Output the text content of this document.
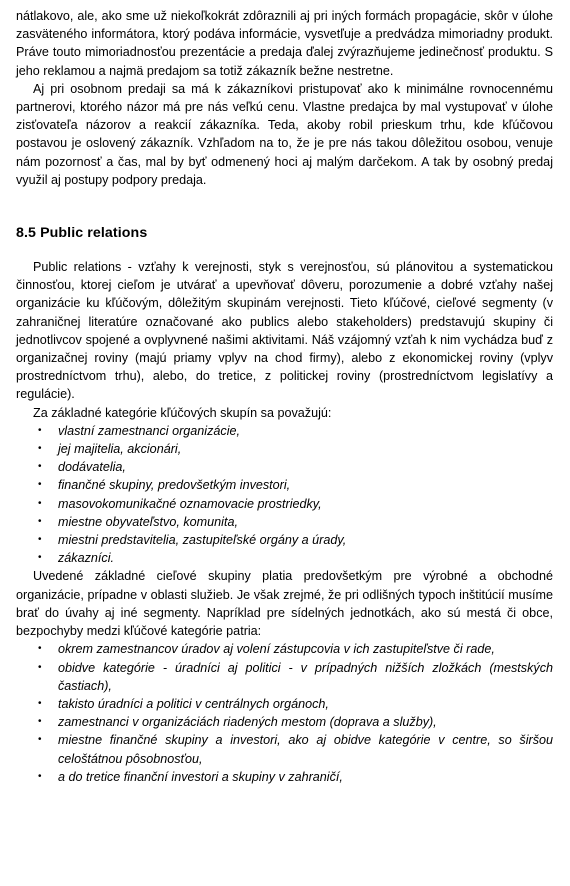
nátlakovo, ale, ako sme už niekoľkokrát zdôraznili aj pri iných formách propagácie, skôr v úlohe zasväteného informátora, ktorý podáva informácie, vysvetľuje a predvádza mimoriadny produkt. Práve touto mimoriadnosťou prezentácie a predaja ďalej zvýrazňujeme jedinečnosť produktu. S jeho reklamou a najmä predajom sa totiž zákazník bežne nestretne.

Aj pri osobnom predaji sa má k zákazníkovi pristupovať ako k minimálne rovnocennému partnerovi, ktorého názor má pre nás veľkú cenu. Vlastne predajca by mal vystupovať v úlohe zisťovateľa názorov a reakcií zákazníka. Teda, akoby robil prieskum trhu, kde kľúčovou postavou je oslovený zákazník. Vzhľadom na to, že je pre nás takou dôležitou osobou, venuje nám pozornosť a čas, mal by byť odmenený hoci aj malým darčekom. A tak by osobný predaj využil aj postupy podpory predaja.

8.5 Public relations

Public relations - vzťahy k verejnosti, styk s verejnosťou, sú plánovitou a systematickou činnosťou, ktorej cieľom je utvárať a upevňovať dôveru, porozumenie a dobré vzťahy našej organizácie ku kľúčovým, dôležitým skupinám verejnosti. Tieto kľúčové, cieľové segmenty (v zahraničnej literatúre označované ako publics alebo stakeholders) predstavujú skupiny či jednotlivcov spojené a ovplyvnené našimi aktivitami. Náš vzájomný vzťah k nim vychádza buď z organizačnej roviny (majú priamy vplyv na chod firmy), alebo z ekonomickej roviny (vplyv prostredníctvom trhu), alebo, do tretice, z politickej roviny (prostredníctvom legislatívy a regulácie).

Za základné kategórie kľúčových skupín sa považujú:

• vlastní zamestnanci organizácie,
• jej majitelia, akcionári,
• dodávatelia,
• finančné skupiny, predovšetkým investori,
• masovokomunikačné oznamovacie prostriedky,
• miestne obyvateľstvo, komunita,
• miestni predstavitelia, zastupiteľské orgány a úrady,
• zákazníci.

Uvedené základné cieľové skupiny platia predovšetkým pre výrobné a obchodné organizácie, prípadne v oblasti služieb. Je však zrejmé, že pri odlišných typoch inštitúcií musíme brať do úvahy aj iné segmenty. Napríklad pre sídelných jednotkách, ako sú mestá či obce, bezpochyby medzi kľúčové kategórie patria:

• okrem zamestnancov úradov aj volení zástupcovia v ich zastupiteľstve či rade,
• obidve kategórie - úradníci aj politici - v prípadných nižších zložkách (mestských častiach),
• takisto úradníci a politici v centrálnych orgánoch,
• zamestnanci v organizáciách riadených mestom (doprava a služby),
• miestne finančné skupiny a investori, ako aj obidve kategórie v centre, so širšou celoštátnou pôsobnosťou,
• a do tretice finanční investori a skupiny v zahraničí,
